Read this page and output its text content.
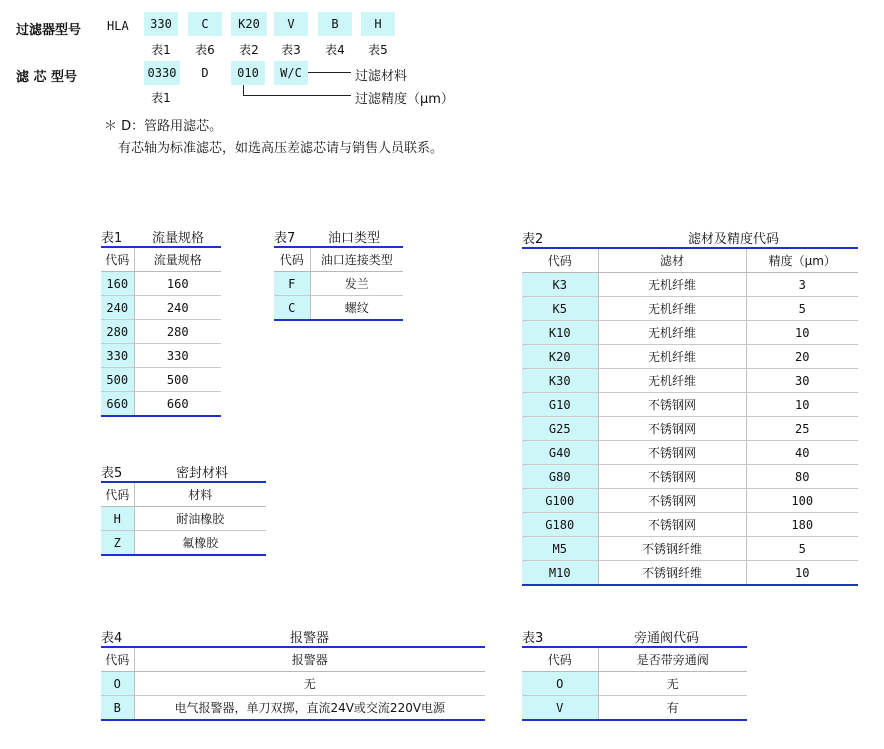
过滤器型号 HLA	330	C	K20	V	B	H
表1	表6	表2	表3	表4	表5
滤 芯 型号	0330	D	010	W/C
表1
过滤材料
过滤精度（μm）
＊ D：管路用滤芯。
有芯轴为标准滤芯，如选高压差滤芯请与销售人员联系。
表1	流量规格
代码	流量规格
160	160
240	240
280	280
330	330
500	500
660	660
表7	油口类型
代码	油口连接类型
F	发兰
C	螺纹
表2	滤材及精度代码	
代码	滤材	精度（μm）
K3	无机纤维	3
K5	无机纤维	5
K10	无机纤维	10
K20	无机纤维	20
K30	无机纤维	30
G10	不锈钢网	10
G25	不锈钢网	25
G40	不锈钢网	40
G80	不锈钢网	80
G100	不锈钢网	100
G180	不锈钢网	180
M5	不锈钢纤维	5
M10	不锈钢纤维	10
表5	密封材料
代码	材料
H	耐油橡胶
Z	氟橡胶
表4	报警器
代码	报警器
O	无
B	电气报警器，单刀双掷，直流24V或交流220V电源
表3	旁通阀代码
代码	是否带旁通阀
O	无
V	有
